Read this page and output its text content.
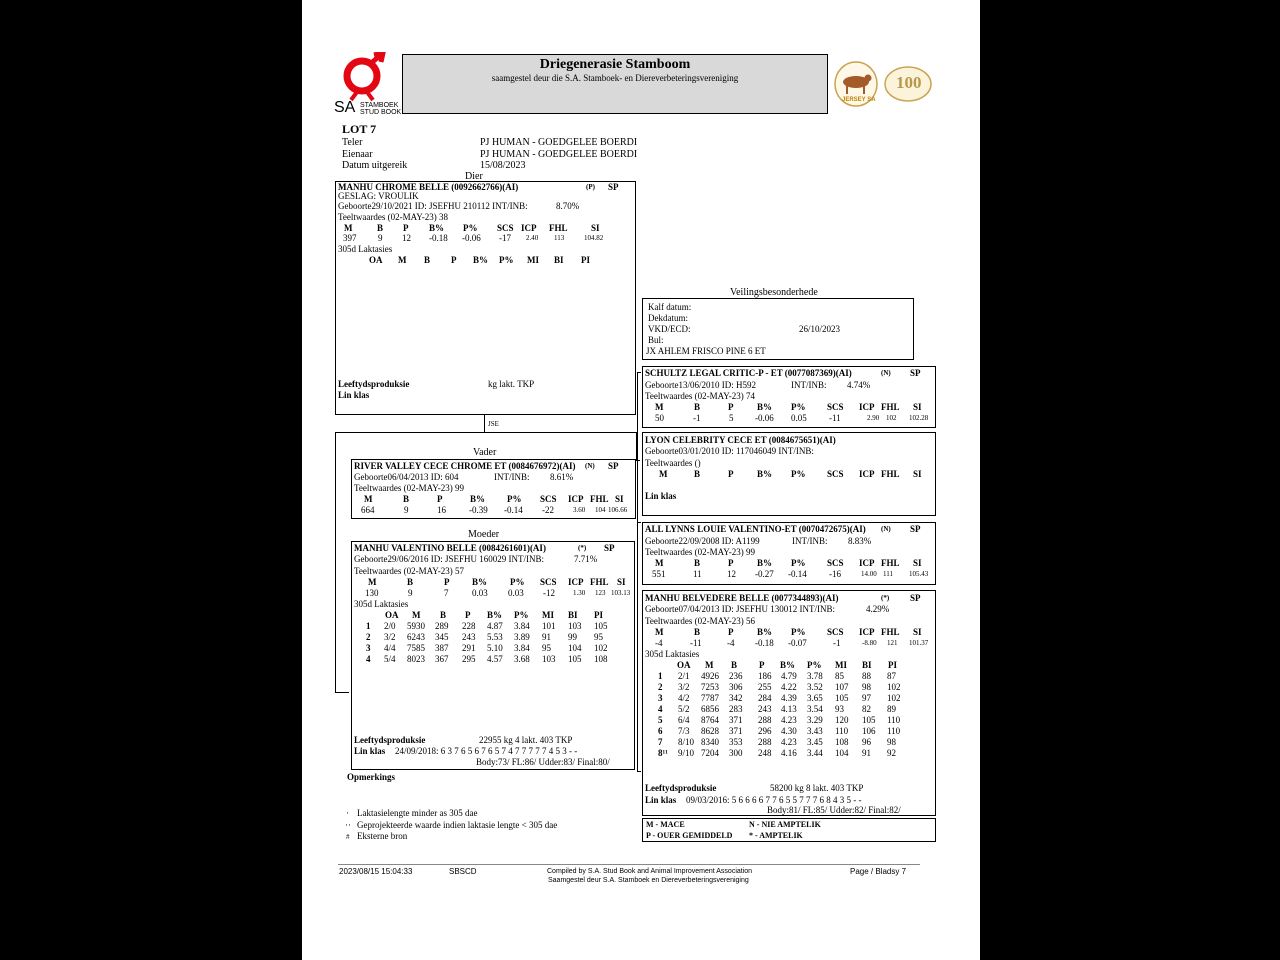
SA STAMBOEK
STUD BOOK
Driegenerasie Stamboom
saamgestel deur die S.A. Stamboek- en Diereverbeteringsvereniging
JERSEY SA
100
LOT 7
Teler	PJ HUMAN - GOEDGELEE BOERDI
Eienaar	PJ HUMAN - GOEDGELEE BOERDI
Datum uitgereik	15/08/2023
Dier
MANHU CHROME BELLE (0092662766)(AI)	(P) SP
GESLAG: VROULIK
Geboorte29/10/2021 ID: JSEFHU 210112 INT/INB:	8.70%
Teeltwaardes (02-MAY-23) 38
M	B P B% P% SCS ICP FHL	SI
397 9 12 -0.18 -0.06 -17 2.40 113	104.82
305d Laktasies
OA M B P B% P% MI BI PI
Leeftydsproduksie	kg lakt. TKP
Lin klas
JSE
Veilingsbesonderhede
Kalf datum:
Dekdatum:
VKD/ECD:	26/10/2023
Bul:
JX AHLEM FRISCO PINE 6 ET
Vader
RIVER VALLEY CECE CHROME ET (0084676972)(AI) (N) SP
Geboorte06/04/2013 ID: 604	INT/INB: 8.61%
Teeltwaardes (02-MAY-23) 99
M	B	P	B% P% SCS ICP FHL SI
664	9	16	-0.39 -0.14 -22	3.60 104 106.66
Moeder
MANHU VALENTINO BELLE (0084261601)(AI)	(*) SP
Geboorte29/06/2016 ID: JSEFHU 160029 INT/INB:	7.71%
Teeltwaardes (02-MAY-23) 57
M	B	P	B%	P% SCS ICP FHL SI
130	9	7	0.03 0.03 -12	1.30 123 103.13
305d Laktasies
OA M B P B% P% MI BI PI
1 2/0 5930 289 228 4.87 3.84 101 103 105
2 3/2 6243 345 243 5.53 3.89 91 99 95
3 4/4 7585 387 291 5.10 3.84 95 104 102
4 5/4 8023 367 295 4.57 3.68 103 105 108
Leeftydsproduksie	22955 kg 4 lakt. 403 TKP
Lin klas 24/09/2018: 6 3 7 6 5 6 7 6 5 7 4 7 7 7 7 7 4 5 3 - -
Body:73/ FL:86/ Udder:83/ Final:80/
SCHULTZ LEGAL CRITIC-P - ET (0077087369)(AI)	(N) SP
Geboorte13/06/2010 ID: H592	INT/INB: 4.74%
Teeltwaardes (02-MAY-23) 74
M	B	P	B% P% SCS ICP FHL SI
50	-1	5 -0.06 0.05 -11	2.90 102 102.28
LYON CELEBRITY CECE ET (0084675651)(AI)
Geboorte03/01/2010 ID: 117046049 INT/INB:
Teeltwaardes ()
M	B	P	B% P% SCS ICP FHL SI
Lin klas
ALL LYNNS LOUIE VALENTINO-ET (0070472675)(AI) (N) SP
Geboorte22/09/2008 ID: A1199	INT/INB: 8.83%
Teeltwaardes (02-MAY-23) 99
M	B	P	B% P% SCS ICP FHL SI
551	11	12 -0.27 -0.14 -16	14.00 111 105.43
MANHU BELVEDERE BELLE (0077344893)(AI)	(*) SP
Geboorte07/04/2013 ID: JSEFHU 130012 INT/INB:	4.29%
Teeltwaardes (02-MAY-23) 56
M	B	P	B% P% SCS ICP FHL SI
-4	-11	-4 -0.18 -0.07	-1	-8.80 121 101.37
305d Laktasies
OA M B P B% P% MI BI PI
1 2/1 4926 236 186 4.79 3.78 85 88 87
2 3/2 7253 306 255 4.22 3.52 107 98 102
3 4/2 7787 342 284 4.39 3.65 105 97 102
4 5/2 6856 283 243 4.13 3.54 93 82 89
5 6/4 8764 371 288 4.23 3.29 120 105 110
6 7/3 8628 371 296 4.30 3.43 110 106 110
7 8/10 8340 353 288 4.23 3.45 108 96 98
8¹¹ 9/10 7204 300 248 4.16 3.44 104 91 92
Leeftydsproduksie	58200 kg 8 lakt. 403 TKP
Lin klas 09/03/2016: 5 6 6 6 6 7 7 6 5 5 7 7 7 6 8 4 3 5 - -
Body:81/ FL:85/ Udder:82/ Final:82/
Opmerkings
M - MACE	N - NIE AMPTELIK
P - OUER GEMIDDELD * - AMPTELIK
· Laktasielengte minder as 305 dae
·· Geprojekteerde waarde indien laktasie lengte < 305 dae
# Eksterne bron
2023/08/15 15:04:33	SBSCD	Compiled by S.A. Stud Book and Animal Improvement Association
Saamgestel deur S.A. Stamboek en Diereverbeteringsvereniging
Page / Bladsy 7
